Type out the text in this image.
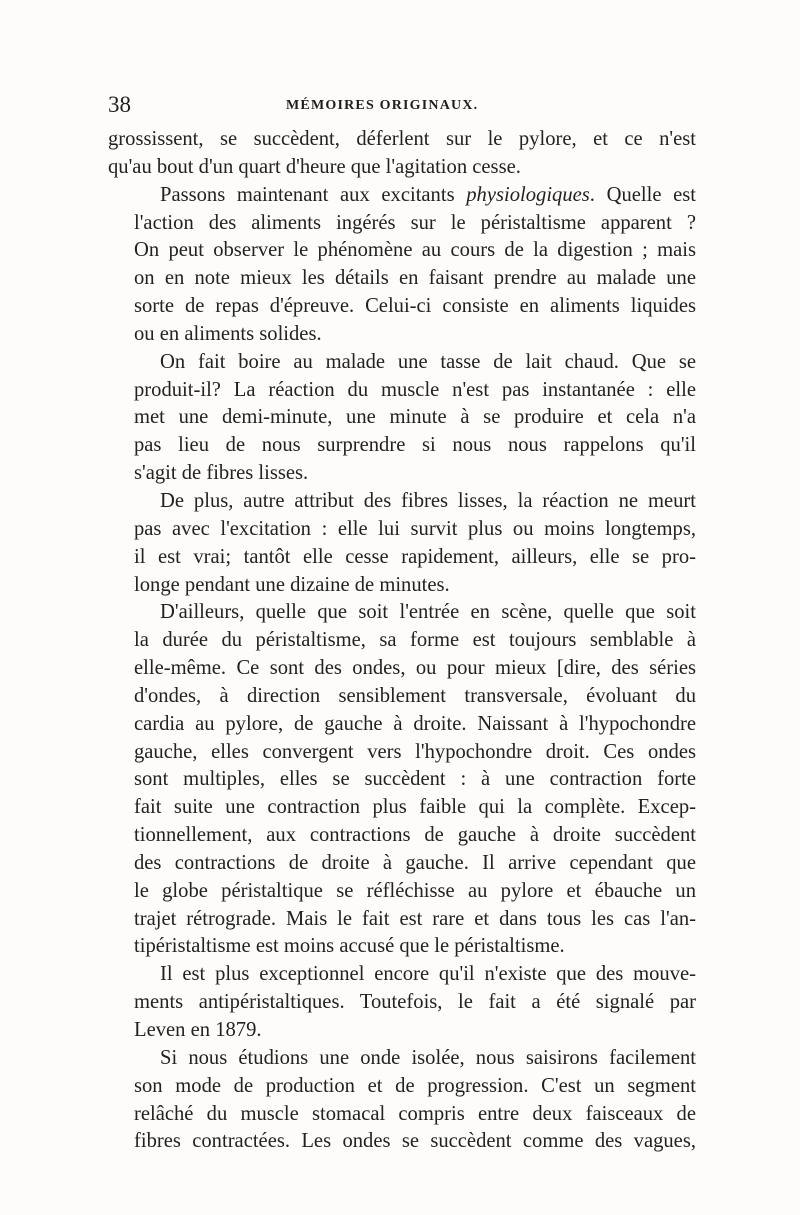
38	MÉMOIRES ORIGINAUX.
grossissent, se succèdent, déferlent sur le pylore, et ce n'est
qu'au bout d'un quart d'heure que l'agitation cesse.
Passons maintenant aux excitants physiologiques. Quelle est
l'action des aliments ingérés sur le péristaltisme apparent ?
On peut observer le phénomène au cours de la digestion ; mais
on en note mieux les détails en faisant prendre au malade une
sorte de repas d'épreuve. Celui-ci consiste en aliments liquides
ou en aliments solides.
On fait boire au malade une tasse de lait chaud. Que se
produit-il? La réaction du muscle n'est pas instantanée : elle
met une demi-minute, une minute à se produire et cela n'a
pas lieu de nous surprendre si nous nous rappelons qu'il
s'agit de fibres lisses.
De plus, autre attribut des fibres lisses, la réaction ne meurt
pas avec l'excitation : elle lui survit plus ou moins longtemps,
il est vrai; tantôt elle cesse rapidement, ailleurs, elle se pro-
longe pendant une dizaine de minutes.
D'ailleurs, quelle que soit l'entrée en scène, quelle que soit
la durée du péristaltisme, sa forme est toujours semblable à
elle-même. Ce sont des ondes, ou pour mieux [dire, des séries
d'ondes, à direction sensiblement transversale, évoluant du
cardia au pylore, de gauche à droite. Naissant à l'hypochondre
gauche, elles convergent vers l'hypochondre droit. Ces ondes
sont multiples, elles se succèdent : à une contraction forte
fait suite une contraction plus faible qui la complète. Excep-
tionnellement, aux contractions de gauche à droite succèdent
des contractions de droite à gauche. Il arrive cependant que
le globe péristaltique se réfléchisse au pylore et ébauche un
trajet rétrograde. Mais le fait est rare et dans tous les cas l'an-
tipéristaltisme est moins accusé que le péristaltisme.
Il est plus exceptionnel encore qu'il n'existe que des mouve-
ments antipéristaltiques. Toutefois, le fait a été signalé par
Leven en 1879.
Si nous étudions une onde isolée, nous saisirons facilement
son mode de production et de progression. C'est un segment
relâché du muscle stomacal compris entre deux faisceaux de
fibres contractées. Les ondes se succèdent comme des vagues,
